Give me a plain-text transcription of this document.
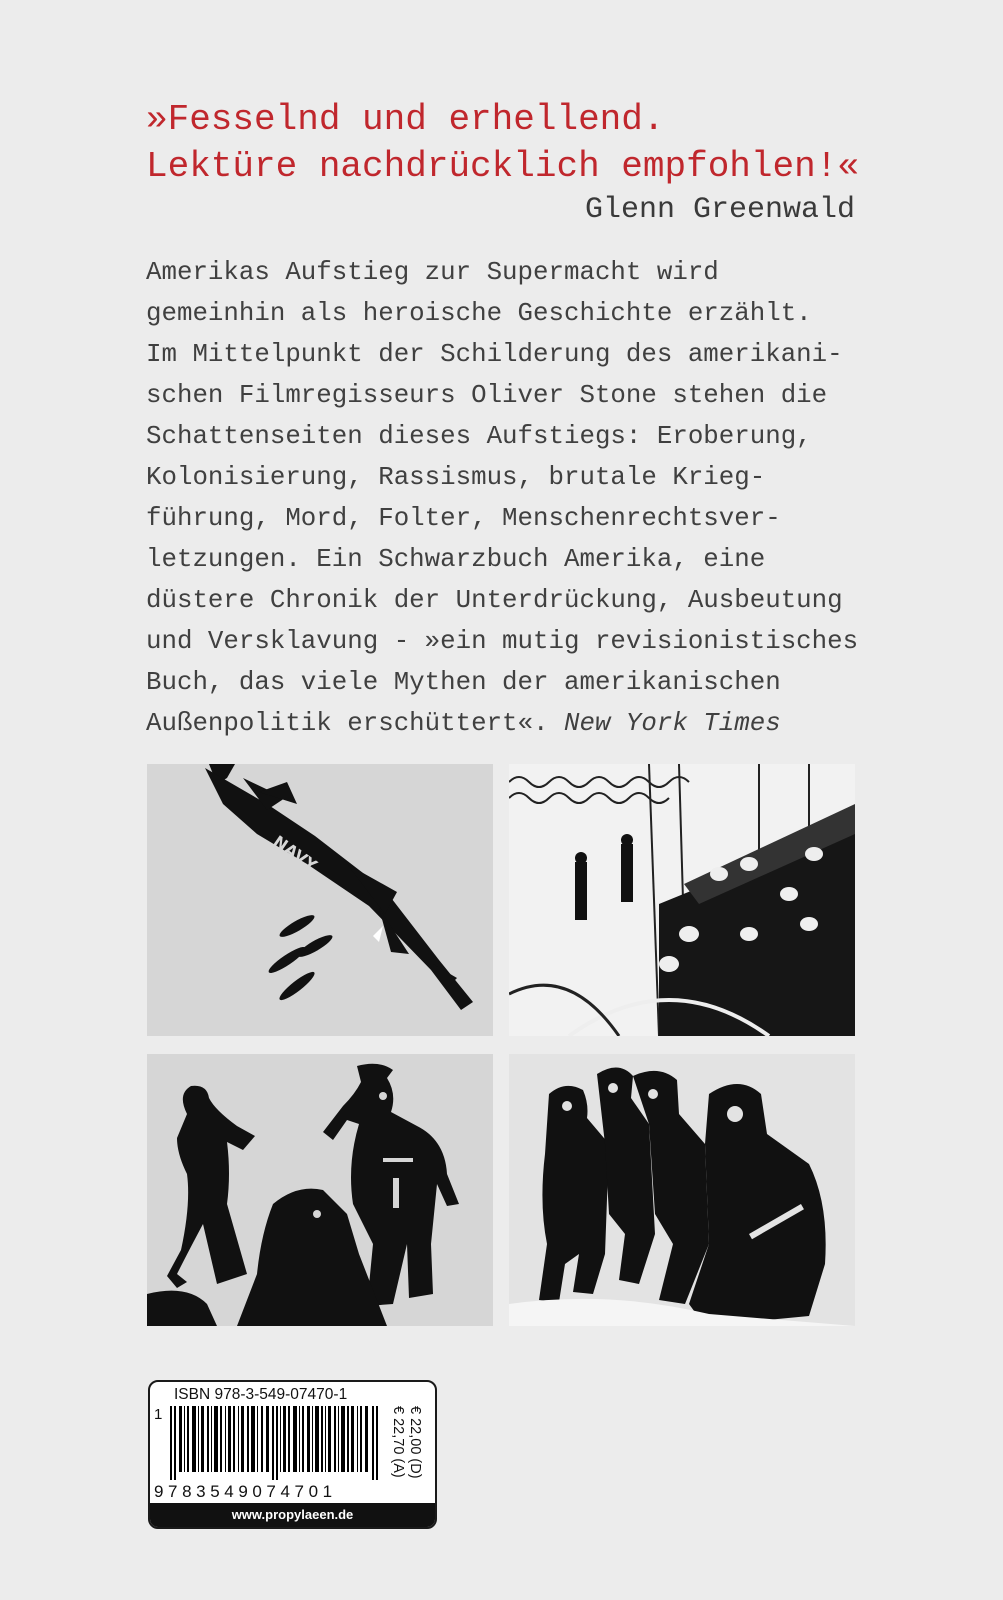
»Fesselnd und erhellend.
Lektüre nachdrücklich empfohlen!«
Glenn Greenwald
Amerikas Aufstieg zur Supermacht wird
gemeinhin als heroische Geschichte erzählt.
Im Mittelpunkt der Schilderung des amerikani-
schen Filmregisseurs Oliver Stone stehen die
Schattenseiten dieses Aufstiegs: Eroberung,
Kolonisierung, Rassismus, brutale Krieg-
führung, Mord, Folter, Menschenrechtsver-
letzungen. Ein Schwarzbuch Amerika, eine
düstere Chronik der Unterdrückung, Ausbeutung
und Versklavung - »ein mutig revisionistisches
Buch, das viele Mythen der amerikanischen
Außenpolitik erschüttert«. New York Times
NAVY
ISBN 978-3-549-07470-1
1
9783549074701
€ 22,00 (D)
€ 22,70 (A)
www.propylaeen.de
